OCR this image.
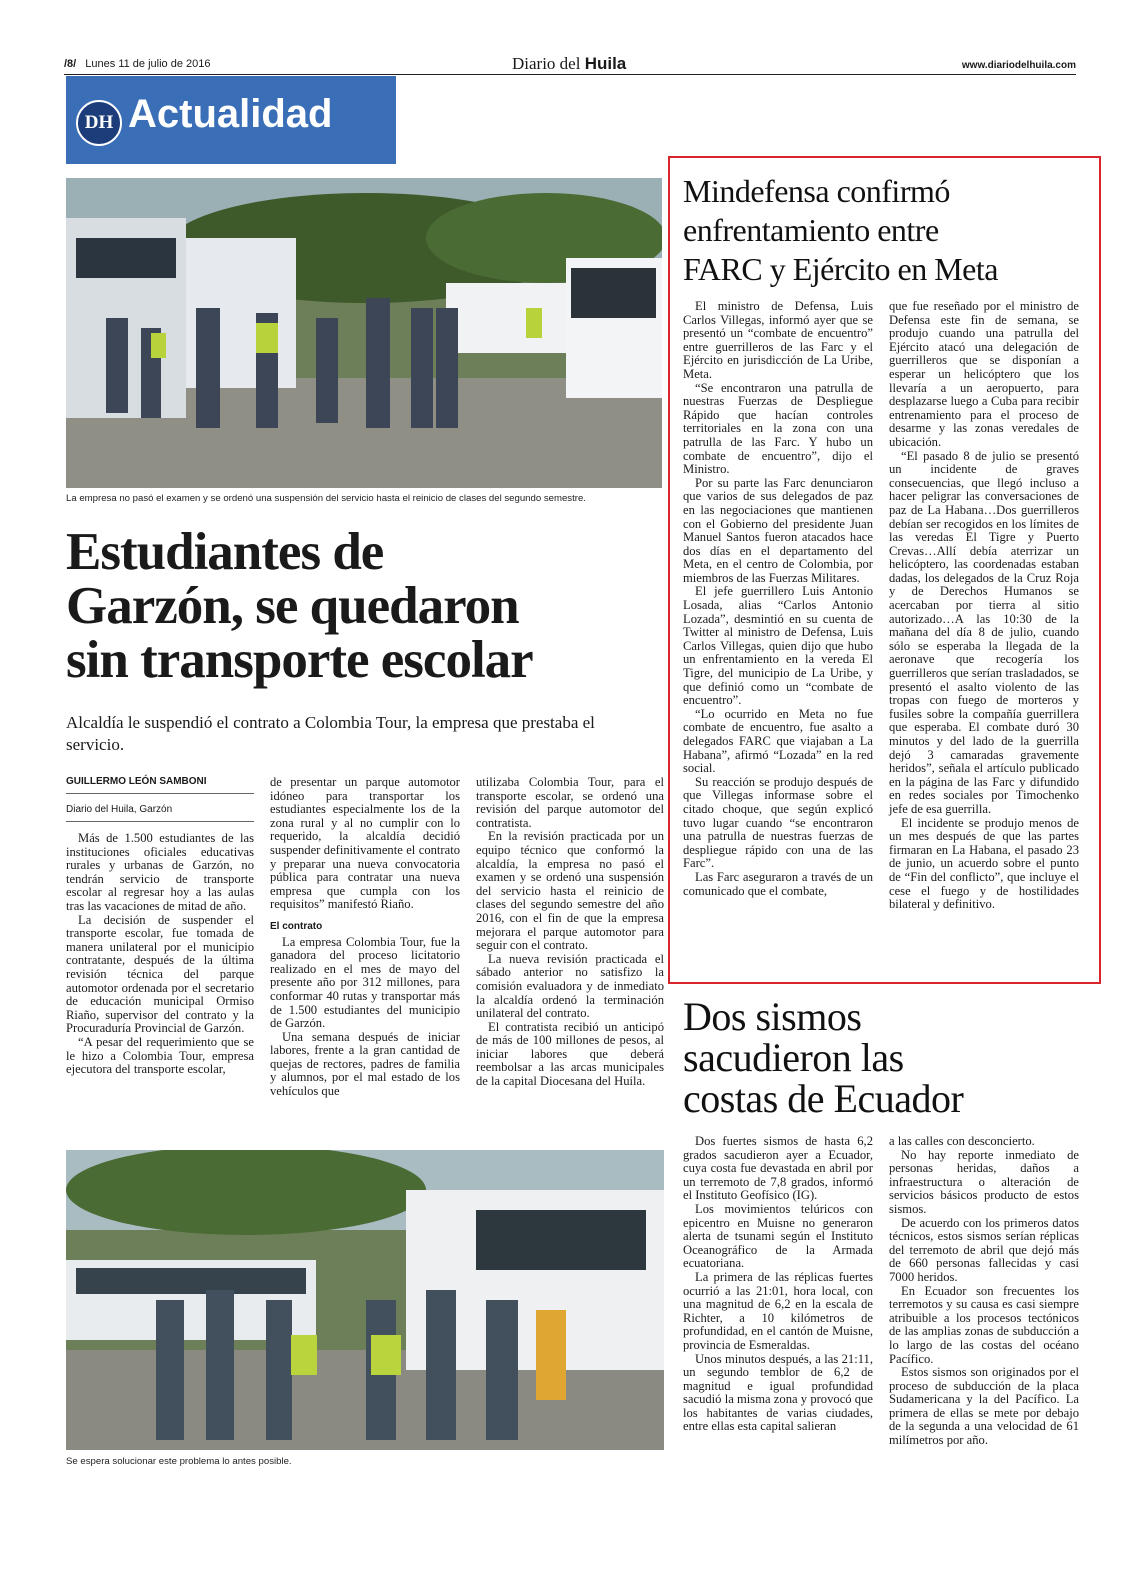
/8/ Lunes 11 de julio de 2016	Diario del Huila	www.diariodelhuila.com
DH Actualidad
La empresa no pasó el examen y se ordenó una suspensión del servicio hasta el reinicio de clases del segundo semestre.
Estudiantes de
Garzón, se quedaron
sin transporte escolar
Alcaldía le suspendió el contrato a Colombia Tour, la empresa que prestaba el servicio.
GUILLERMO LEÓN SAMBONI
Diario del Huila, Garzón

Más de 1.500 estudiantes de las instituciones oficiales educativas rurales y urbanas de Garzón, no tendrán servicio de transporte escolar al regresar hoy a las aulas tras las vacaciones de mitad de año.

La decisión de suspender el transporte escolar, fue tomada de manera unilateral por el municipio contratante, después de la última revisión técnica del parque automotor ordenada por el secretario de educación municipal Ormiso Riaño, supervisor del contrato y la Procuraduría Provincial de Garzón.

“A pesar del requerimiento que se le hizo a Colombia Tour, empresa ejecutora del transporte escolar,

de presentar un parque automotor idóneo para transportar los estudiantes especialmente los de la zona rural y al no cumplir con lo requerido, la alcaldía decidió suspender definitivamente el contrato y preparar una nueva convocatoria pública para contratar una nueva empresa que cumpla con los requisitos” manifestó Riaño.

El contrato

La empresa Colombia Tour, fue la ganadora del proceso licitatorio realizado en el mes de mayo del presente año por 312 millones, para conformar 40 rutas y transportar más de 1.500 estudiantes del municipio de Garzón.

Una semana después de iniciar labores, frente a la gran cantidad de quejas de rectores, padres de familia y alumnos, por el mal estado de los vehículos que

utilizaba Colombia Tour, para el transporte escolar, se ordenó una revisión del parque automotor del contratista.

En la revisión practicada por un equipo técnico que conformó la alcaldía, la empresa no pasó el examen y se ordenó una suspensión del servicio hasta el reinicio de clases del segundo semestre del año 2016, con el fin de que la empresa mejorara el parque automotor para seguir con el contrato.

La nueva revisión practicada el sábado anterior no satisfizo la comisión evaluadora y de inmediato la alcaldía ordenó la terminación unilateral del contrato.

El contratista recibió un anticipó de más de 100 millones de pesos, al iniciar labores que deberá reembolsar a las arcas municipales de la capital Diocesana del Huila.

Se espera solucionar este problema lo antes posible.
Mindefensa confirmó
enfrentamiento entre
FARC y Ejército en Meta

El ministro de Defensa, Luis Carlos Villegas, informó ayer que se presentó un “combate de encuentro” entre guerrilleros de las Farc y el Ejército en jurisdicción de La Uribe, Meta.

“Se encontraron una patrulla de nuestras Fuerzas de Despliegue Rápido que hacían controles territoriales en la zona con una patrulla de las Farc. Y hubo un combate de encuentro”, dijo el Ministro.

Por su parte las Farc denunciaron que varios de sus delegados de paz en las negociaciones que mantienen con el Gobierno del presidente Juan Manuel Santos fueron atacados hace dos días en el departamento del Meta, en el centro de Colombia, por miembros de las Fuerzas Militares.

El jefe guerrillero Luis Antonio Losada, alias “Carlos Antonio Lozada”, desmintió en su cuenta de Twitter al ministro de Defensa, Luis Carlos Villegas, quien dijo que hubo un enfrentamiento en la vereda El Tigre, del municipio de La Uribe, y que definió como un “combate de encuentro”.

“Lo ocurrido en Meta no fue combate de encuentro, fue asalto a delegados FARC que viajaban a La Habana”, afirmó “Lozada” en la red social.

Su reacción se produjo después de que Villegas informase sobre el citado choque, que según explicó tuvo lugar cuando “se encontraron una patrulla de nuestras fuerzas de despliegue rápido con una de las Farc”.

Las Farc aseguraron a través de un comunicado que el combate,

que fue reseñado por el ministro de Defensa este fin de semana, se produjo cuando una patrulla del Ejército atacó una delegación de guerrilleros que se disponían a esperar un helicóptero que los llevaría a un aeropuerto, para desplazarse luego a Cuba para recibir entrenamiento para el proceso de desarme y las zonas veredales de ubicación.

“El pasado 8 de julio se presentó un incidente de graves consecuencias, que llegó incluso a hacer peligrar las conversaciones de paz de La Habana…Dos guerrilleros debían ser recogidos en los límites de las veredas El Tigre y Puerto Crevas…Allí debía aterrizar un helicóptero, las coordenadas estaban dadas, los delegados de la Cruz Roja y de Derechos Humanos se acercaban por tierra al sitio autorizado…A las 10:30 de la mañana del día 8 de julio, cuando sólo se esperaba la llegada de la aeronave que recogería los guerrilleros que serían trasladados, se presentó el asalto violento de las tropas con fuego de morteros y fusiles sobre la compañía guerrillera que esperaba. El combate duró 30 minutos y del lado de la guerrilla dejó 3 camaradas gravemente heridos”, señala el artículo publicado en la página de las Farc y difundido en redes sociales por Timochenko jefe de esa guerrilla.

El incidente se produjo menos de un mes después de que las partes firmaran en La Habana, el pasado 23 de junio, un acuerdo sobre el punto de “Fin del conflicto”, que incluye el cese el fuego y de hostilidades bilateral y definitivo.

Dos sismos
sacudieron las
costas de Ecuador

Dos fuertes sismos de hasta 6,2 grados sacudieron ayer a Ecuador, cuya costa fue devastada en abril por un terremoto de 7,8 grados, informó el Instituto Geofísico (IG).

Los movimientos telúricos con epicentro en Muisne no generaron alerta de tsunami según el Instituto Oceanográfico de la Armada ecuatoriana.

La primera de las réplicas fuertes ocurrió a las 21:01, hora local, con una magnitud de 6,2 en la escala de Richter, a 10 kilómetros de profundidad, en el cantón de Muisne, provincia de Esmeraldas.

Unos minutos después, a las 21:11, un segundo temblor de 6,2 de magnitud e igual profundidad sacudió la misma zona y provocó que los habitantes de varias ciudades, entre ellas esta capital salieran

a las calles con desconcierto.

No hay reporte inmediato de personas heridas, daños a infraestructura o alteración de servicios básicos producto de estos sismos.

De acuerdo con los primeros datos técnicos, estos sismos serían réplicas del terremoto de abril que dejó más de 660 personas fallecidas y casi 7000 heridos.

En Ecuador son frecuentes los terremotos y su causa es casi siempre atribuible a los procesos tectónicos de las amplias zonas de subducción a lo largo de las costas del océano Pacífico.

Estos sismos son originados por el proceso de subducción de la placa Sudamericana y la del Pacífico. La primera de ellas se mete por debajo de la segunda a una velocidad de 61 milímetros por año.
